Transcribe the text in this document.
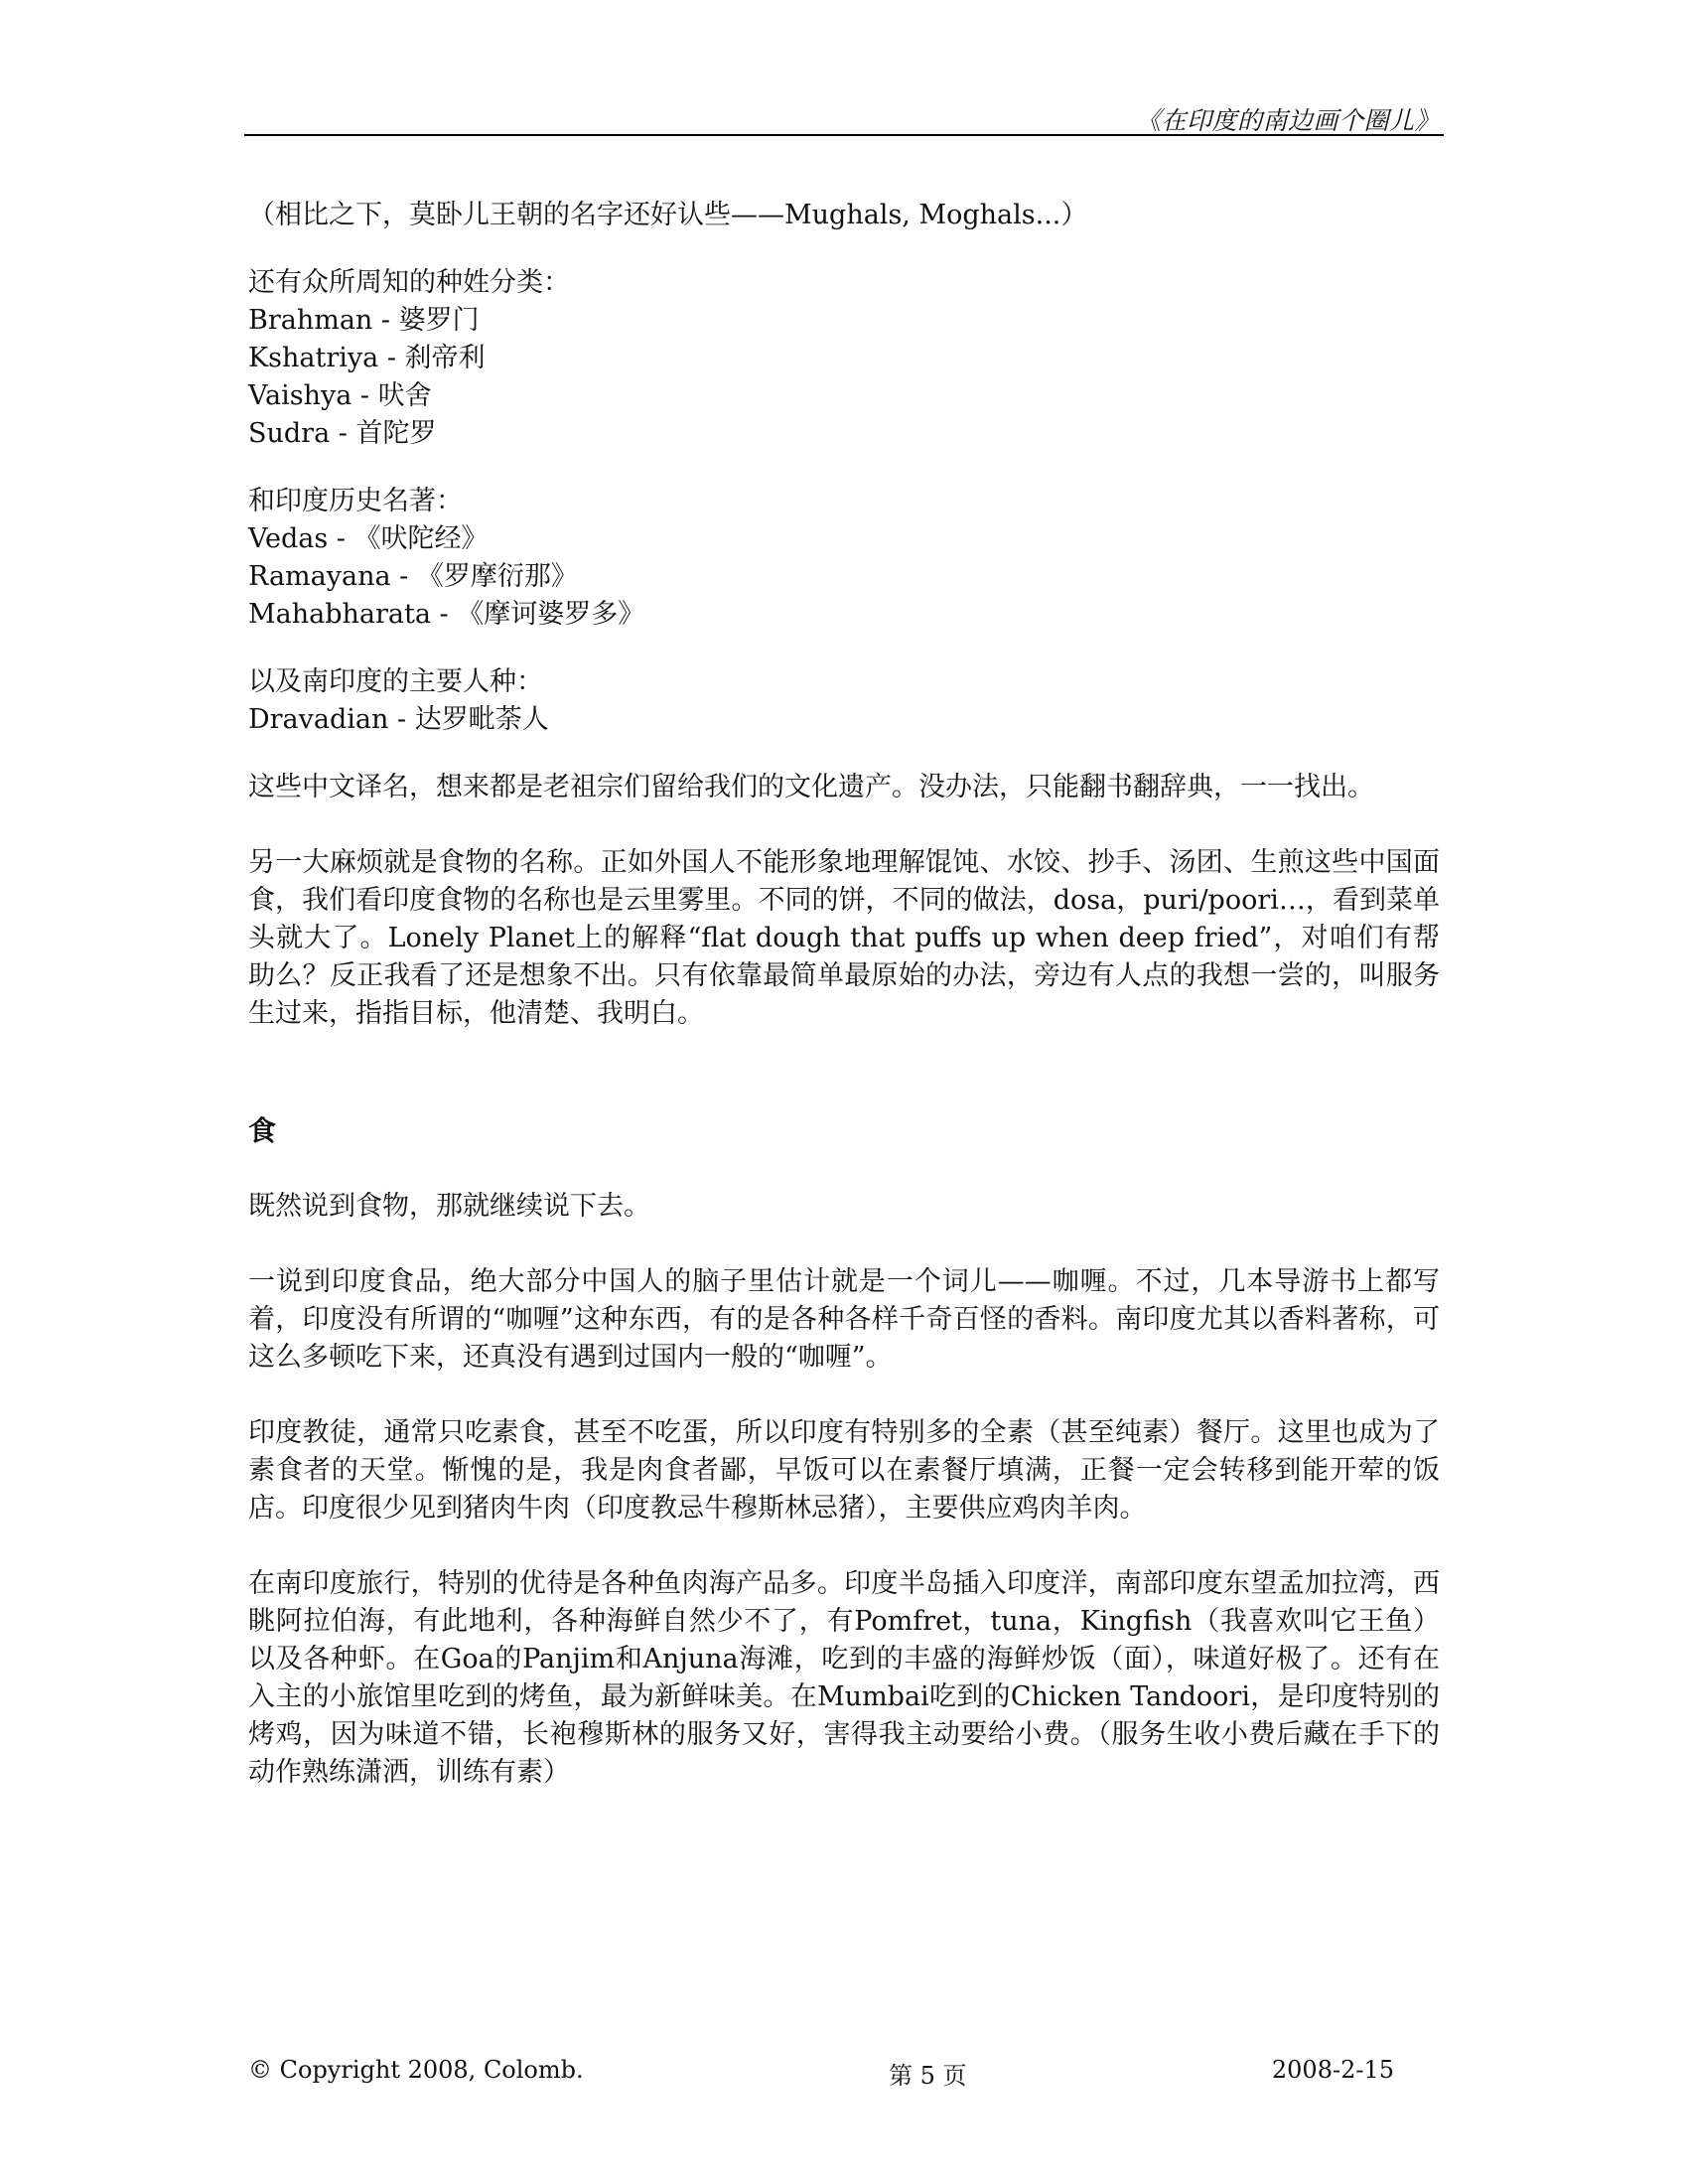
《在印度的南边画个圈儿》

（相比之下，莫卧儿王朝的名字还好认些——Mughals, Moghals...）

还有众所周知的种姓分类：

Brahman - 婆罗门

Kshatriya - 刹帝利

Vaishya - 吠舍

Sudra - 首陀罗

和印度历史名著：

Vedas - 《吠陀经》

Ramayana - 《罗摩衍那》

Mahabharata - 《摩诃婆罗多》

以及南印度的主要人种：

Dravadian - 达罗毗荼人

这些中文译名，想来都是老祖宗们留给我们的文化遗产。没办法，只能翻书翻辞典，一一找出。

另一大麻烦就是食物的名称。正如外国人不能形象地理解馄饨、水饺、抄手、汤团、生煎这些中国面食，我们看印度食物的名称也是云里雾里。不同的饼，不同的做法，dosa，puri/poori…，看到菜单头就大了。Lonely Planet上的解释“flat dough that puffs up when deep fried”，对咱们有帮助么？反正我看了还是想象不出。只有依靠最简单最原始的办法，旁边有人点的我想一尝的，叫服务生过来，指指目标，他清楚、我明白。

食

既然说到食物，那就继续说下去。

一说到印度食品，绝大部分中国人的脑子里估计就是一个词儿——咖喱。不过，几本导游书上都写着，印度没有所谓的“咖喱”这种东西，有的是各种各样千奇百怪的香料。南印度尤其以香料著称，可这么多顿吃下来，还真没有遇到过国内一般的“咖喱”。

印度教徒，通常只吃素食，甚至不吃蛋，所以印度有特别多的全素（甚至纯素）餐厅。这里也成为了素食者的天堂。惭愧的是，我是肉食者鄙，早饭可以在素餐厅填满，正餐一定会转移到能开荤的饭店。印度很少见到猪肉牛肉（印度教忌牛穆斯林忌猪），主要供应鸡肉羊肉。

在南印度旅行，特别的优待是各种鱼肉海产品多。印度半岛插入印度洋，南部印度东望孟加拉湾，西眺阿拉伯海，有此地利，各种海鲜自然少不了，有Pomfret，tuna，Kingfish（我喜欢叫它王鱼）以及各种虾。在Goa的Panjim和Anjuna海滩，吃到的丰盛的海鲜炒饭（面），味道好极了。还有在入主的小旅馆里吃到的烤鱼，最为新鲜味美。在Mumbai吃到的Chicken Tandoori，是印度特别的烤鸡，因为味道不错，长袍穆斯林的服务又好，害得我主动要给小费。（服务生收小费后藏在手下的动作熟练潇洒，训练有素）

© Copyright 2008, Colomb.	第 5 页	2008-2-15
